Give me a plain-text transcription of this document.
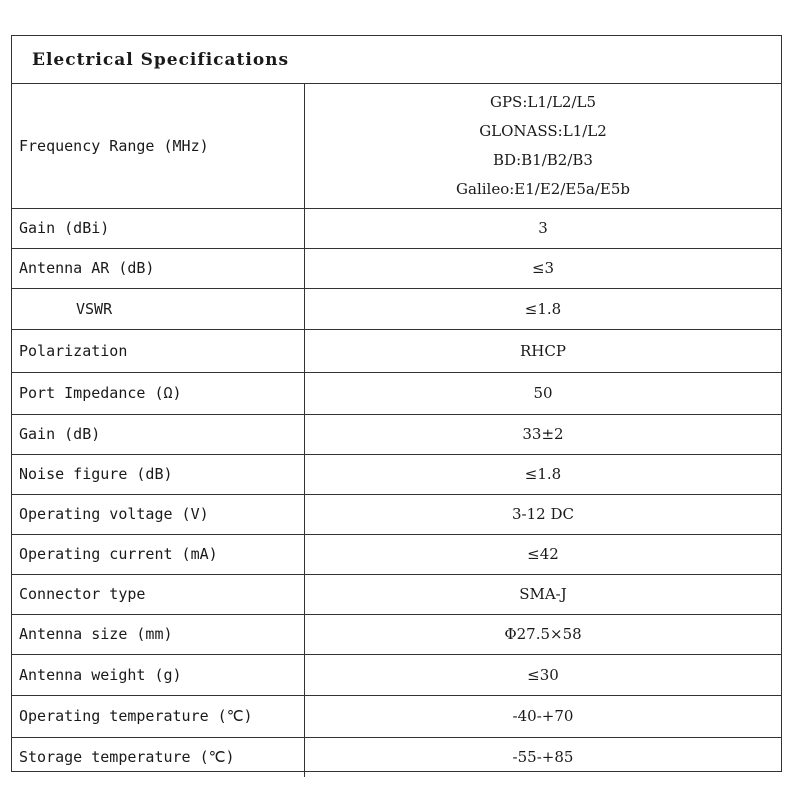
Electrical Specifications
Frequency Range (MHz)	GPS:L1/L2/L5
GLONASS:L1/L2
BD:B1/B2/B3
Galileo:E1/E2/E5a/E5b

Gain (dBi)	3
Antenna AR (dB)	≤3
VSWR	≤1.8
Polarization	RHCP
Port Impedance (Ω)	50
Gain (dB)	33±2
Noise figure (dB)	≤1.8
Operating voltage (V)	3-12 DC
Operating current (mA)	≤42
Connector type	SMA-J
Antenna size (mm)	Φ27.5×58
Antenna weight (g)	≤30
Operating temperature (℃)	-40-+70
Storage temperature (℃)	-55-+85
